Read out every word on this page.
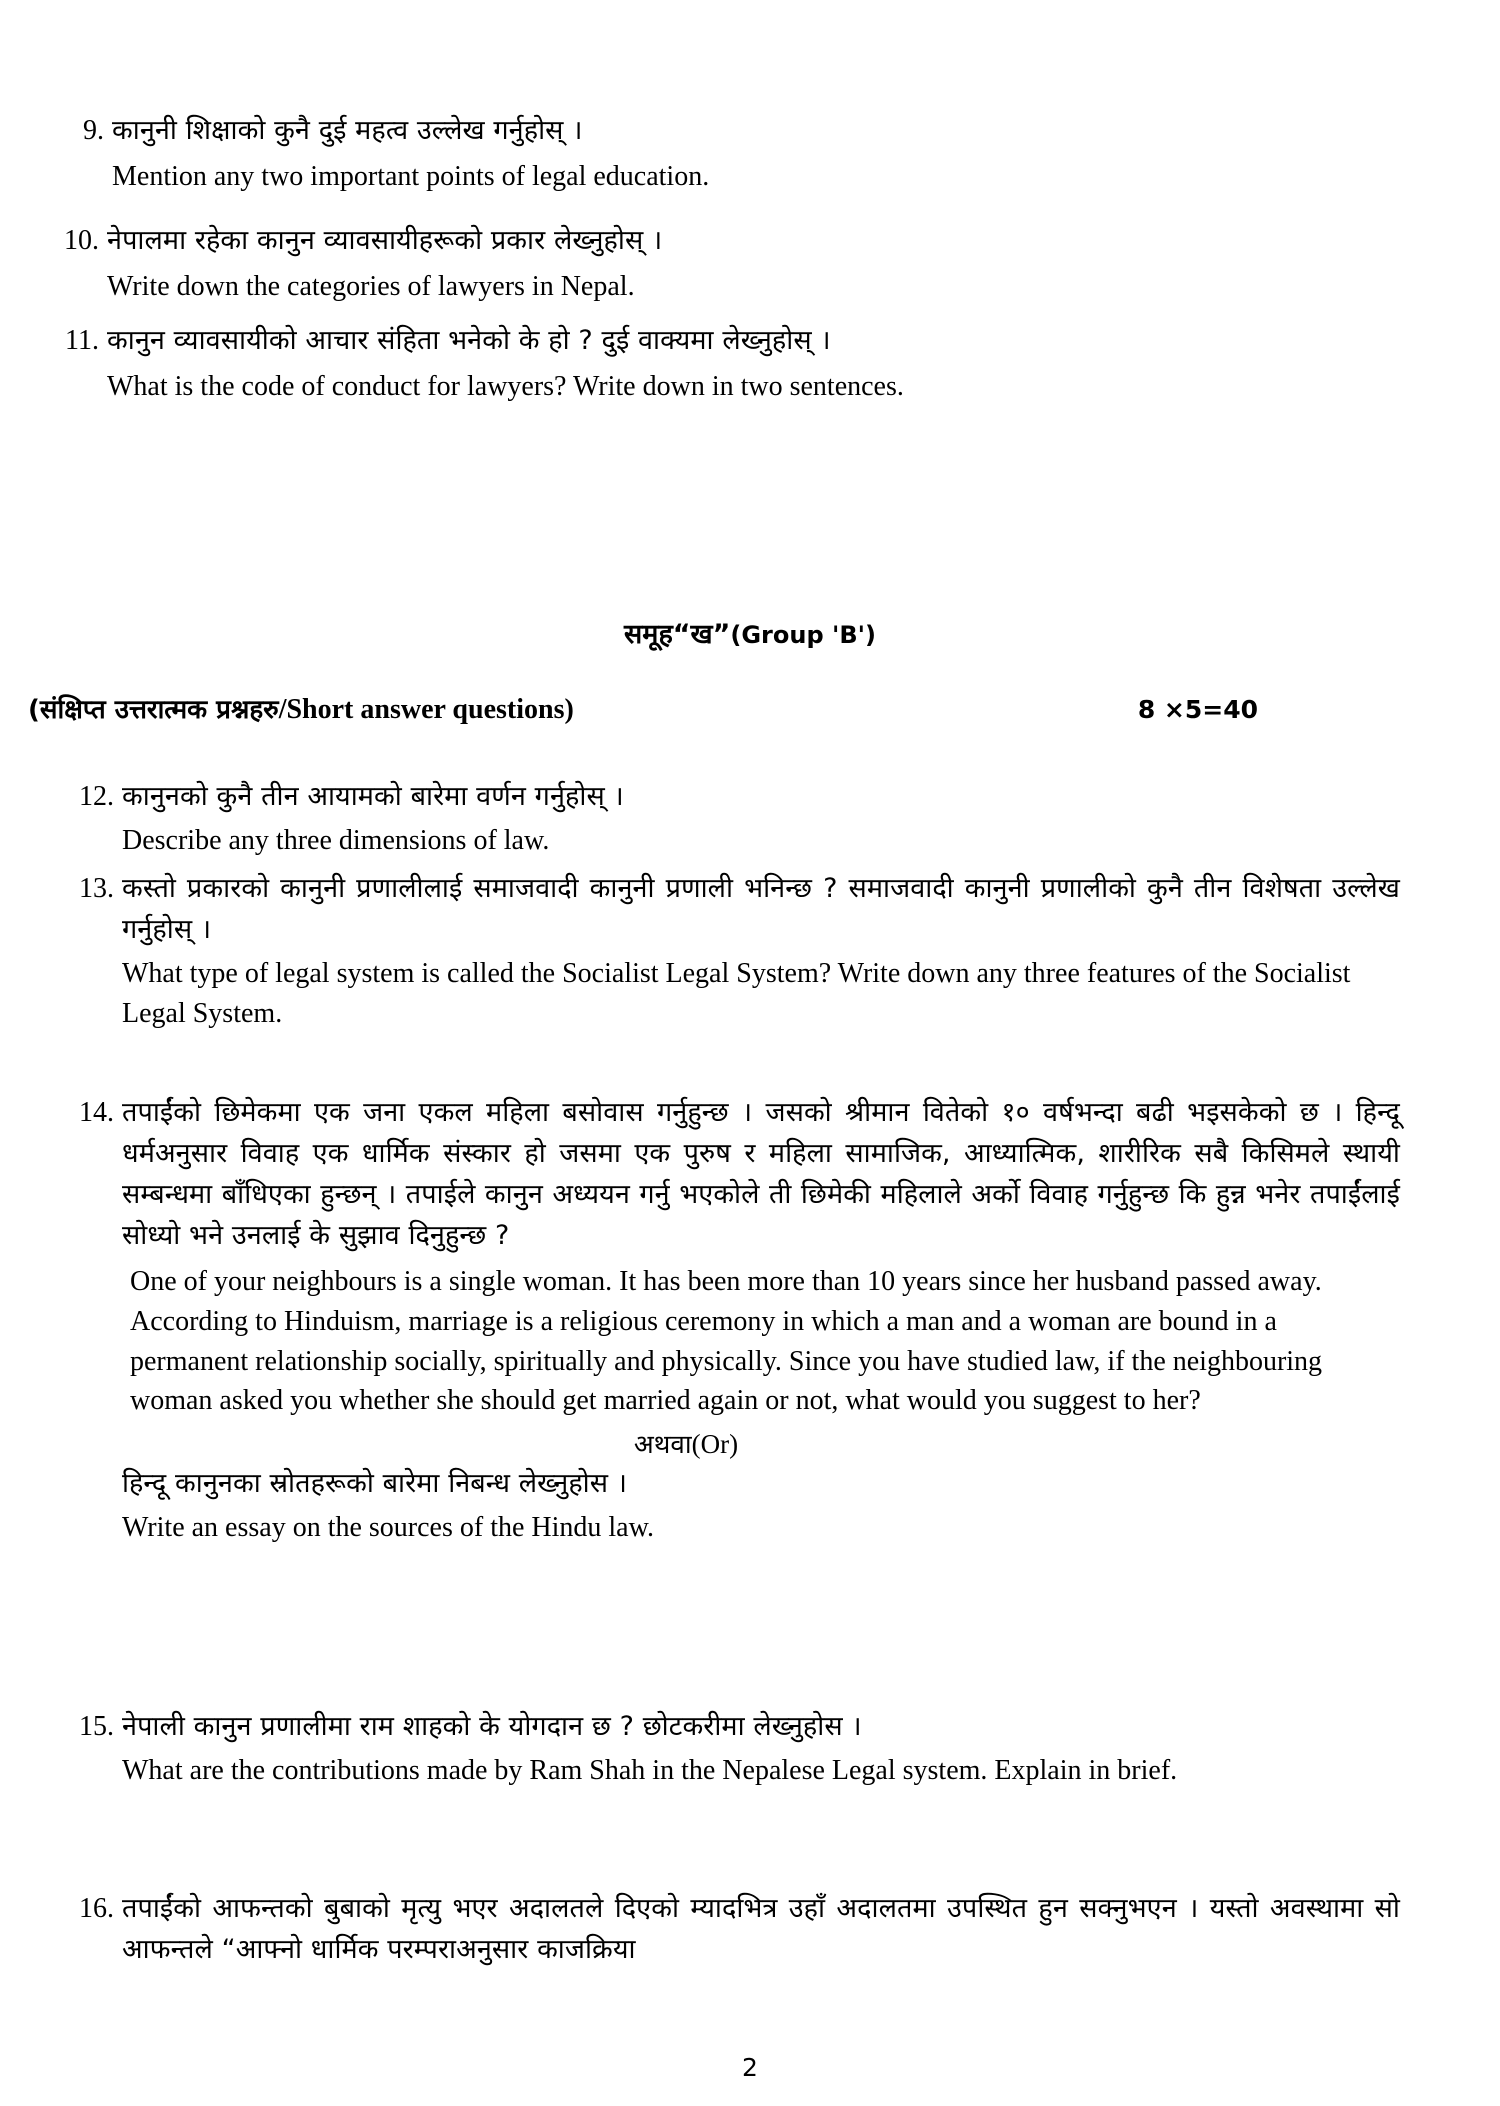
9. कानुनी शिक्षाको कुनै दुई महत्व उल्लेख गर्नुहोस् ।
Mention any two important points of legal education.
10. नेपालमा रहेका कानुन व्यावसायीहरूको प्रकार लेख्नुहोस् ।
Write down the categories of lawyers in Nepal.
11. कानुन व्यावसायीको आचार संहिता भनेको के हो ? दुई वाक्यमा लेख्नुहोस् ।
What is the code of conduct for lawyers? Write down in two sentences.
समूह“ख”(Group 'B')
(संक्षिप्त उत्तरात्मक प्रश्नहरु/Short answer questions)	8 ×5=40
12. कानुनको कुनै तीन आयामको बारेमा वर्णन गर्नुहोस् ।
Describe any three dimensions of law.
13. कस्तो प्रकारको कानुनी प्रणालीलाई समाजवादी कानुनी प्रणाली भनिन्छ ? समाजवादी कानुनी प्रणालीको कुनै तीन विशेषता उल्लेख गर्नुहोस् ।
What type of legal system is called the Socialist Legal System? Write down any three features of the Socialist Legal System.
14. तपाईंको छिमेकमा एक जना एकल महिला बसोवास गर्नुहुन्छ । जसको श्रीमान वितेको १० वर्षभन्दा बढी भइसकेको छ । हिन्दू धर्मअनुसार विवाह एक धार्मिक संस्कार हो जसमा एक पुरुष र महिला सामाजिक, आध्यात्मिक, शारीरिक सबै किसिमले स्थायी सम्बन्धमा बाँधिएका हुन्छन् । तपाईले कानुन अध्ययन गर्नु भएकोले ती छिमेकी महिलाले अर्को विवाह गर्नुहुन्छ कि हुन्न भनेर तपाईंलाई सोध्यो भने उनलाई के सुझाव दिनुहुन्छ ?
One of your neighbours is a single woman. It has been more than 10 years since her husband passed away. According to Hinduism, marriage is a religious ceremony in which a man and a woman are bound in a permanent relationship socially, spiritually and physically. Since you have studied law, if the neighbouring woman asked you whether she should get married again or not, what would you suggest to her?
अथवा(Or)
हिन्दू कानुनका स्रोतहरूको बारेमा निबन्ध लेख्नुहोस ।
Write an essay on the sources of the Hindu law.
15. नेपाली कानुन प्रणालीमा राम शाहको के योगदान छ ? छोटकरीमा लेख्नुहोस ।
What are the contributions made by Ram Shah in the Nepalese Legal system. Explain in brief.
16. तपाईंको आफन्तको बुबाको मृत्यु भएर अदालतले दिएको म्यादभित्र उहाँ अदालतमा उपस्थित हुन सक्नुभएन । यस्तो अवस्थामा सो आफन्तले “आफ्नो धार्मिक परम्पराअनुसार काजक्रिया
2
